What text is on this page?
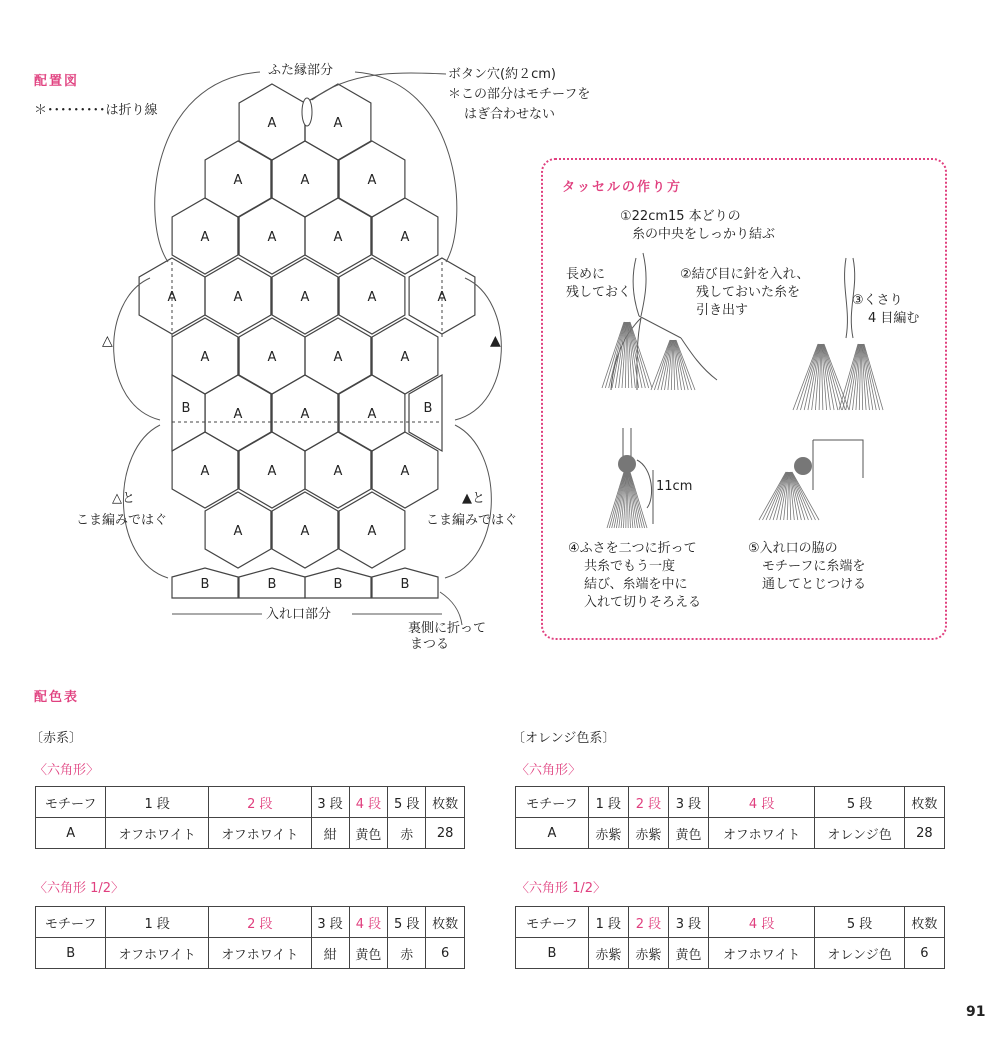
配置図
＊･････････は折り線
A	A
A	A	A
A	A	A	A
A	A	A	A	A
A	A	A	A
A	A	A	A
A	A	A
A	A	A
B	B
B	B	B	B
ふた縁部分	ボタン穴(約２cm)
＊この部分はモチーフを
はぎ合わせない
△	▲
△と
こま編みではぐ
▲と
こま編みではぐ
入れ口部分
裏側に折って
まつる
タッセルの作り方
①22cm15 本どりの
糸の中央をしっかり結ぶ
長めに
残しておく
②結び目に針を入れ、
残しておいた糸を
引き出す
③くさり
4 目編む
11cm
④ふさを二つに折って
共糸でもう一度
結び、糸端を中に
入れて切りそろえる
⑤入れ口の脇の
モチーフに糸端を
通してとじつける
配色表
〔赤系〕
〈六角形〉
モチーフ	1 段	2 段	3 段	4 段	5 段	枚数
A	オフホワイト	オフホワイト	紺	黄色	赤	28
〈六角形 1/2〉
モチーフ	1 段	2 段	3 段	4 段	5 段	枚数
B	オフホワイト	オフホワイト	紺	黄色	赤	6
〔オレンジ色系〕
〈六角形〉
モチーフ	1 段	2 段	3 段	4 段	5 段	枚数
A	赤紫	赤紫	黄色	オフホワイト	オレンジ色	28
〈六角形 1/2〉
モチーフ	1 段	2 段	3 段	4 段	5 段	枚数
B	赤紫	赤紫	黄色	オフホワイト	オレンジ色	6
91
